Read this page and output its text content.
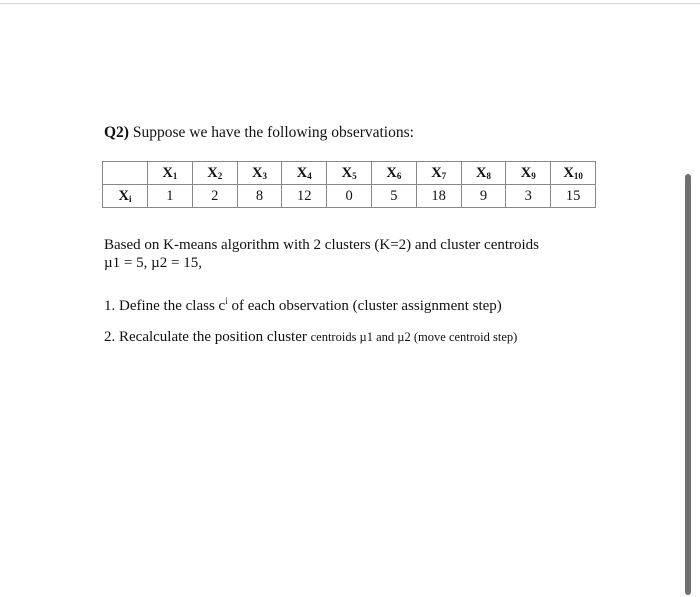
Q2) Suppose we have the following observations:
	$X_1$	$X_2$	$X_3$	$X_4$	$X_5$	$X_6$	$X_7$	$X_8$	$X_9$	$X_{10}$
$X_i$	1	2	8	12	0	5	18	9	3	15
Based on K-means algorithm with 2 clusters (K=2) and cluster centroids
µ1 = 5, µ2 = 15,
1. Define the class $c^i$ of each observation (cluster assignment step)
2. Recalculate the position cluster centroids µ1 and µ2 (move centroid step)
